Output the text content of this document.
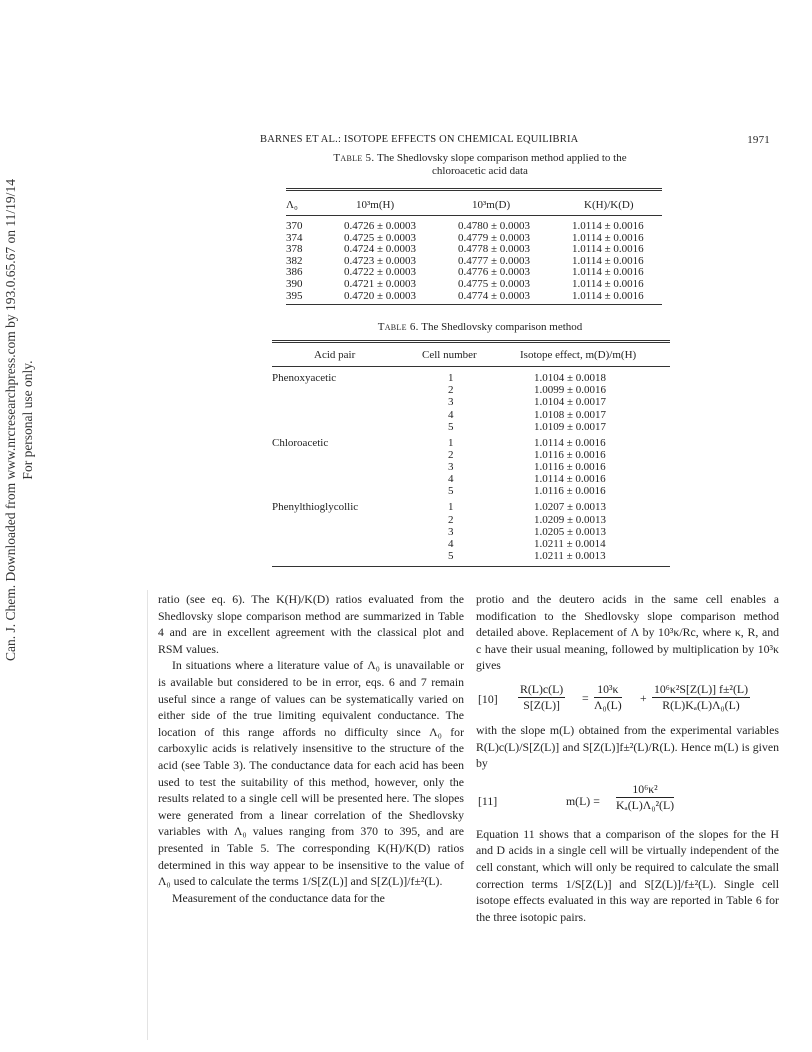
Can. J. Chem. Downloaded from www.nrcresearchpress.com by 193.0.65.67 on 11/19/14 For personal use only.
BARNES ET AL.: ISOTOPE EFFECTS ON CHEMICAL EQUILIBRIA	1971
Table 5. The Shedlovsky slope comparison method applied to the
chloroacetic acid data
Λ₀	10³m(H)	10³m(D)	K(H)/K(D)
370	0.4726 ± 0.0003	0.4780 ± 0.0003	1.0114 ± 0.0016
374	0.4725 ± 0.0003	0.4779 ± 0.0003	1.0114 ± 0.0016
378	0.4724 ± 0.0003	0.4778 ± 0.0003	1.0114 ± 0.0016
382	0.4723 ± 0.0003	0.4777 ± 0.0003	1.0114 ± 0.0016
386	0.4722 ± 0.0003	0.4776 ± 0.0003	1.0114 ± 0.0016
390	0.4721 ± 0.0003	0.4775 ± 0.0003	1.0114 ± 0.0016
395	0.4720 ± 0.0003	0.4774 ± 0.0003	1.0114 ± 0.0016
Table 6. The Shedlovsky comparison method
Acid pair	Cell number	Isotope effect, m(D)/m(H)
Phenoxyacetic	1	1.0104 ± 0.0018
2	1.0099 ± 0.0016
3	1.0104 ± 0.0017
4	1.0108 ± 0.0017
5	1.0109 ± 0.0017
Chloroacetic	1	1.0114 ± 0.0016
2	1.0116 ± 0.0016
3	1.0116 ± 0.0016
4	1.0114 ± 0.0016
5	1.0116 ± 0.0016
Phenylthioglycollic	1	1.0207 ± 0.0013
2	1.0209 ± 0.0013
3	1.0205 ± 0.0013
4	1.0211 ± 0.0014
5	1.0211 ± 0.0013

ratio (see eq. 6). The K(H)/K(D) ratios evaluated from the Shedlovsky slope comparison method are summarized in Table 4 and are in excellent agreement with the classical plot and RSM values.

In situations where a literature value of Λ₀ is unavailable or is available but considered to be in error, eqs. 6 and 7 remain useful since a range of values can be systematically varied on either side of the true limiting equivalent conductance. The location of this range affords no difficulty since Λ₀ for carboxylic acids is relatively insensitive to the structure of the acid (see Table 3). The conductance data for each acid has been used to test the suitability of this method, however, only the results related to a single cell will be presented here. The slopes were generated from a linear correlation of the Shedlovsky variables with Λ₀ values ranging from 370 to 395, and are presented in Table 5. The corresponding K(H)/K(D) ratios determined in this way appear to be insensitive to the value of Λ₀ used to calculate the terms 1/S[Z(L)] and S[Z(L)]/f±²(L).

Measurement of the conductance data for the

protio and the deutero acids in the same cell enables a modification to the Shedlovsky slope comparison method detailed above. Replacement of Λ by 10³κ/Rc, where κ, R, and c have their usual meaning, followed by multiplication by 10³κ gives

$[10] \frac{R(L)c(L)}{S[Z(L)]} = \frac{\text{10³κ}}{\text{Λ₀(L)}} + \frac{\text{10⁶κ²S[Z(L)] f±²(L)}}{\text{R(L)Kₐ(L)Λ₀(L)}}$

with the slope m(L) obtained from the experimental variables R(L)c(L)/S[Z(L)] and S[Z(L)]f±²(L)/R(L). Hence m(L) is given by

[11]	$m(L) = \frac{\text{10⁶κ²}}{\text{Kₐ(L)Λ₀²(L)}}$

Equation 11 shows that a comparison of the slopes for the H and D acids in a single cell will be virtually independent of the cell constant, which will only be required to calculate the small correction terms 1/S[Z(L)] and S[Z(L)]/f±²(L). Single cell isotope effects evaluated in this way are reported in Table 6 for the three isotopic pairs.
